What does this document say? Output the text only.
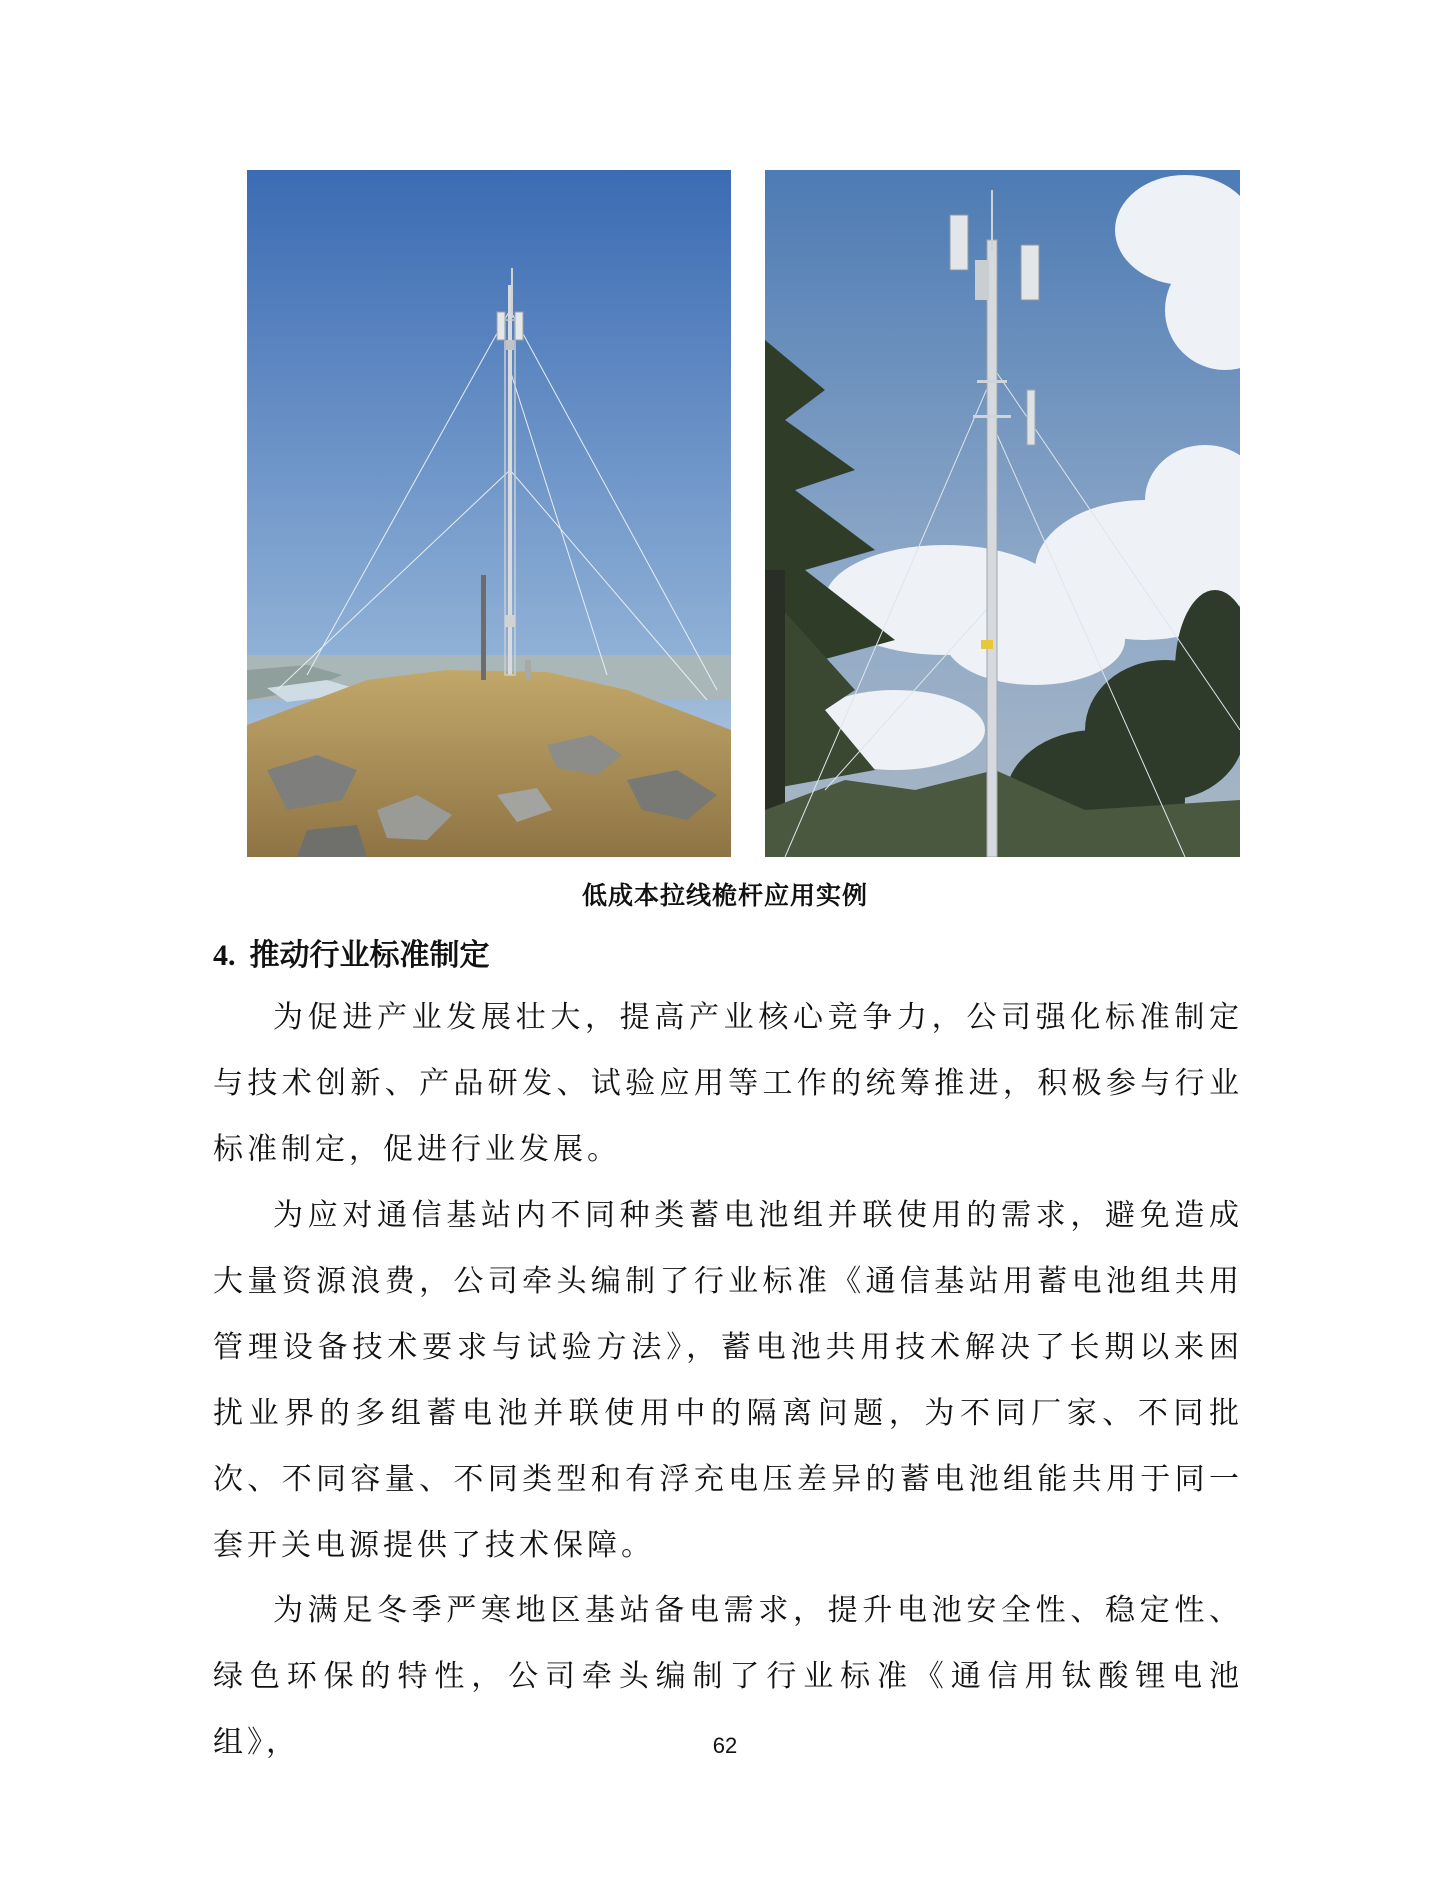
低成本拉线桅杆应用实例
4. 推动行业标准制定

为促进产业发展壮大，提高产业核心竞争力，公司强化标准制定与技术创新、产品研发、试验应用等工作的统筹推进，积极参与行业标准制定，促进行业发展。

为应对通信基站内不同种类蓄电池组并联使用的需求，避免造成大量资源浪费，公司牵头编制了行业标准《通信基站用蓄电池组共用管理设备技术要求与试验方法》，蓄电池共用技术解决了长期以来困扰业界的多组蓄电池并联使用中的隔离问题，为不同厂家、不同批次、不同容量、不同类型和有浮充电压差异的蓄电池组能共用于同一套开关电源提供了技术保障。

为满足冬季严寒地区基站备电需求，提升电池安全性、稳定性、绿色环保的特性，公司牵头编制了行业标准《通信用钛酸锂电池组》，	62
